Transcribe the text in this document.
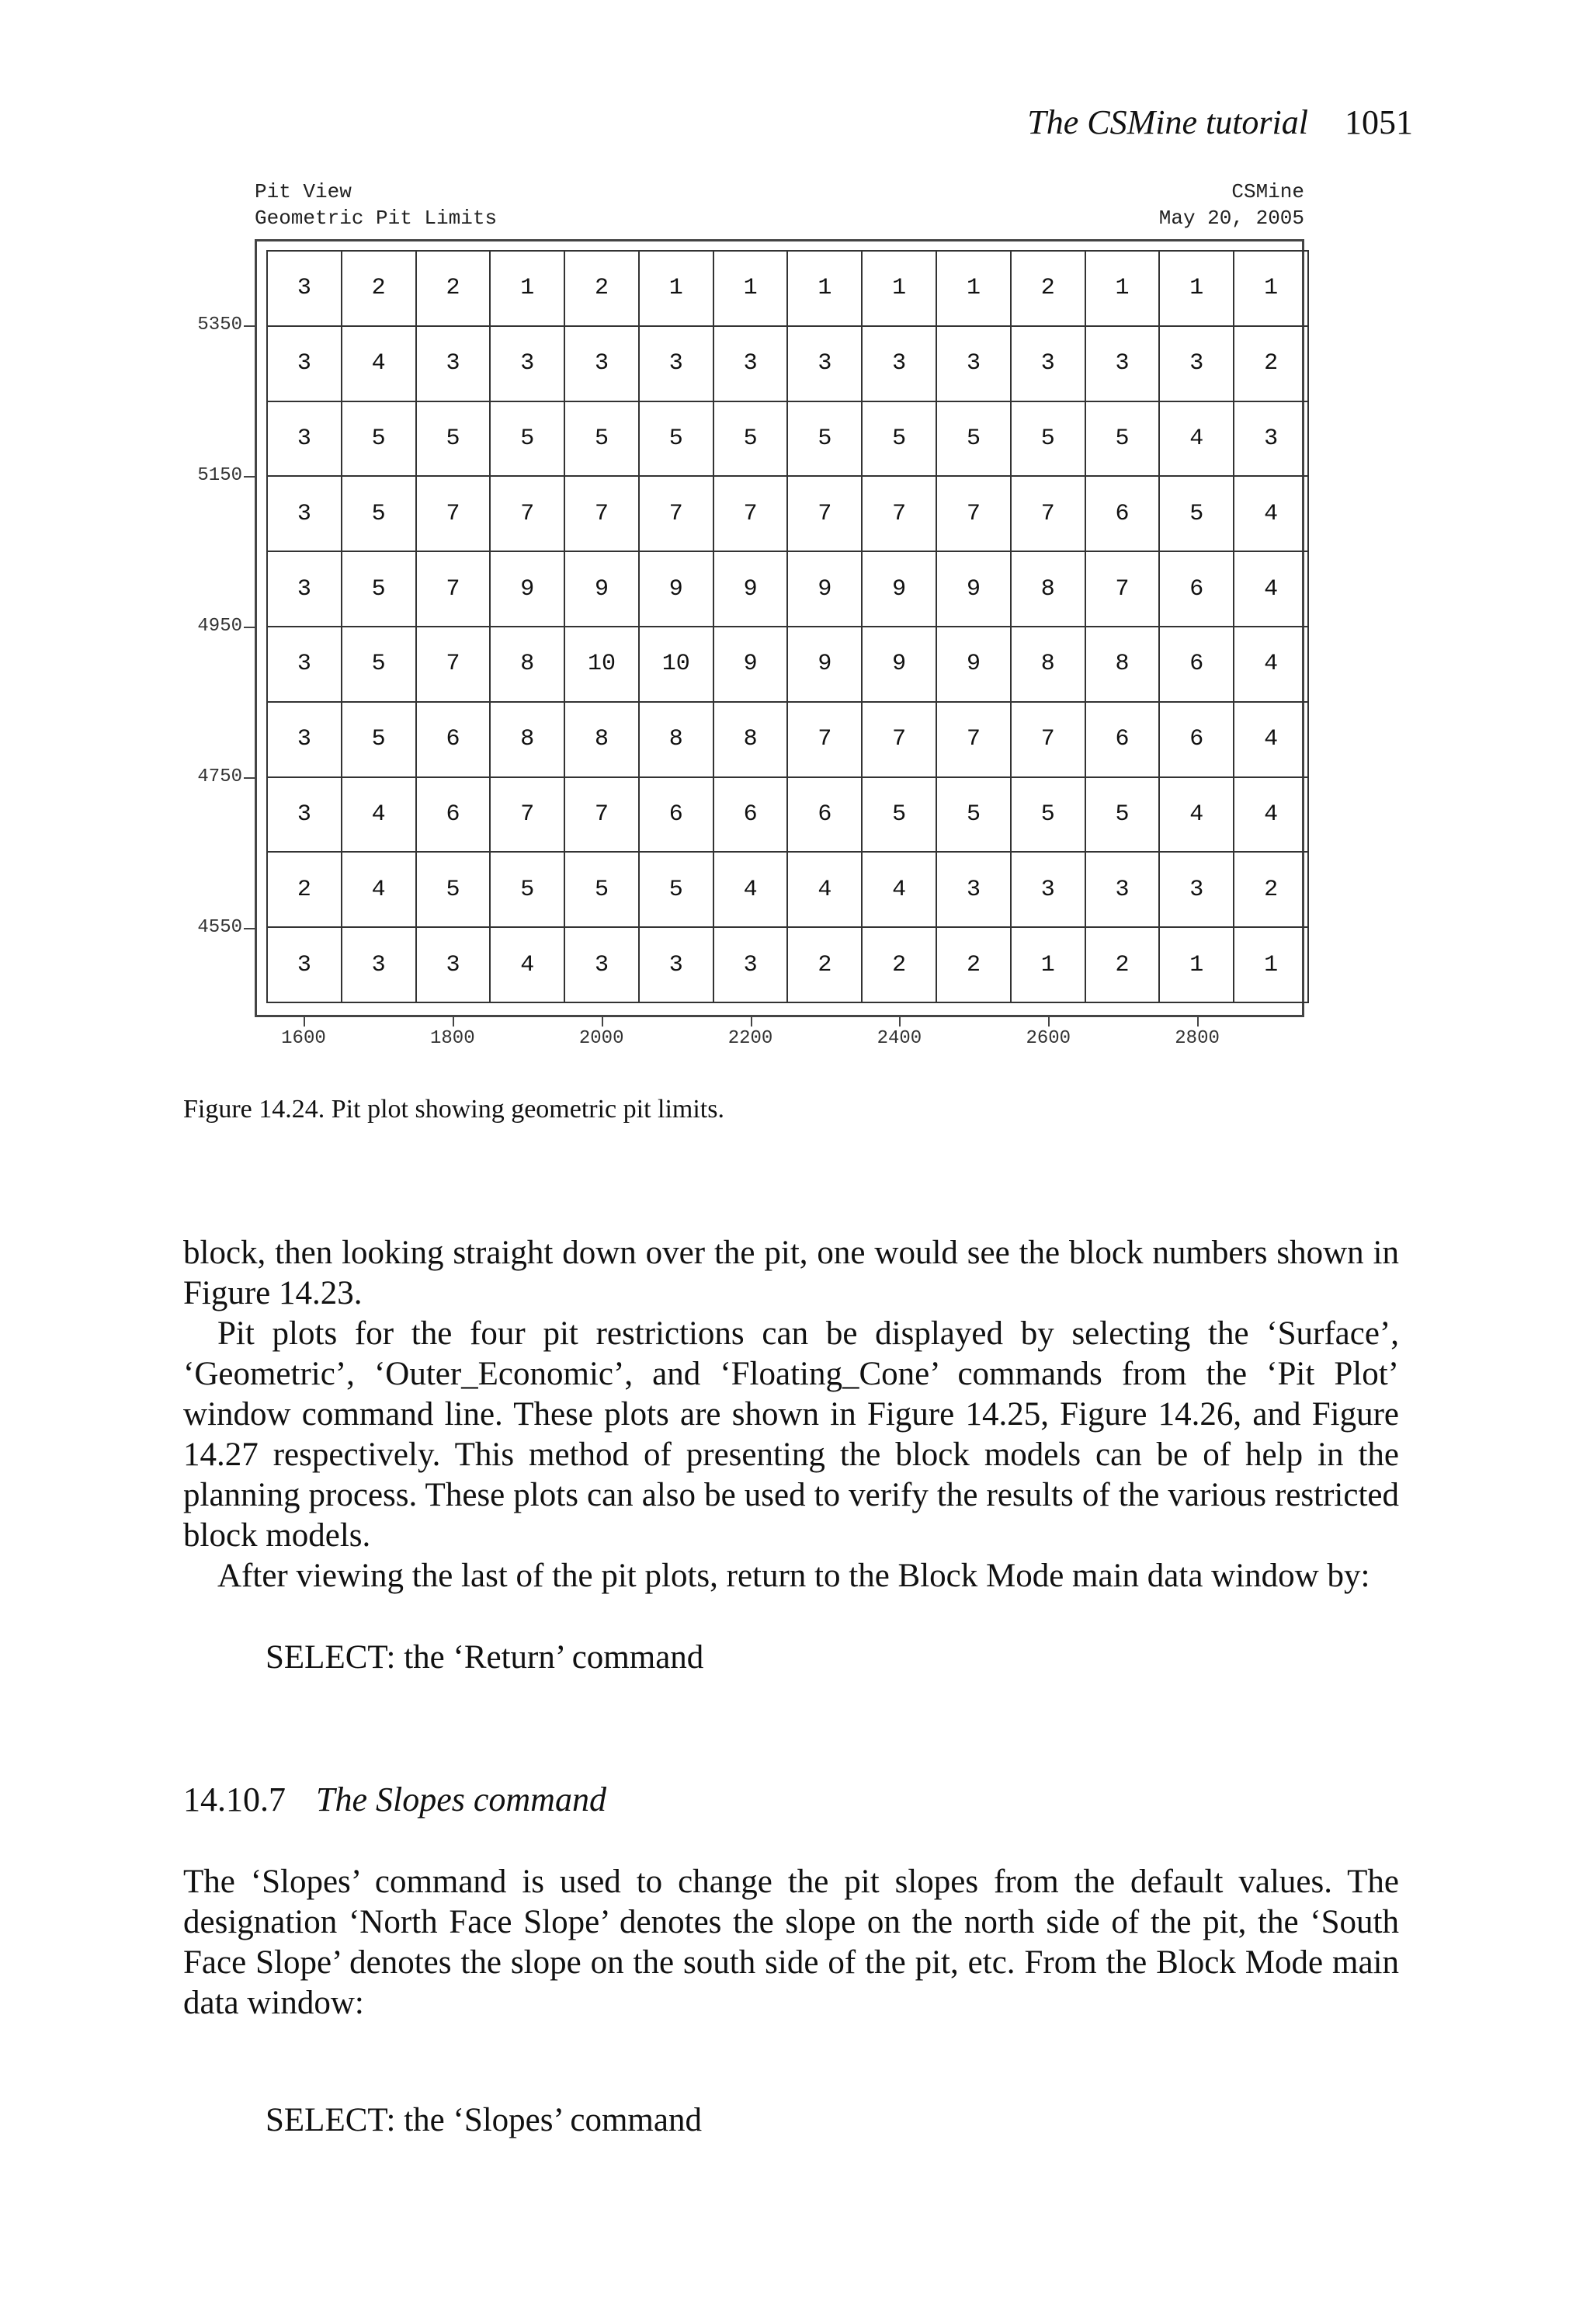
The CSMine tutorial 1051
Pit View
Geometric Pit Limits
CSMine
May 20, 2005
3	2	2	1	2	1	1	1	1	1	2	1	1	1
3	4	3	3	3	3	3	3	3	3	3	3	3	2
3	5	5	5	5	5	5	5	5	5	5	5	4	3
3	5	7	7	7	7	7	7	7	7	7	6	5	4
3	5	7	9	9	9	9	9	9	9	8	7	6	4
3	5	7	8	10	10	9	9	9	9	8	8	6	4
3	5	6	8	8	8	8	7	7	7	7	6	6	4
3	4	6	7	7	6	6	6	5	5	5	5	4	4
2	4	5	5	5	5	4	4	4	3	3	3	3	2
3	3	3	4	3	3	3	2	2	2	1	2	1	1
5350
5150
4950
4750
4550
1600	1800	2000	2200	2400	2600	2800
Figure 14.24. Pit plot showing geometric pit limits.
block, then looking straight down over the pit, one would see the block numbers shown in Figure 14.23.
Pit plots for the four pit restrictions can be displayed by selecting the ‘Surface’, ‘Geometric’, ‘Outer_Economic’, and ‘Floating_Cone’ commands from the ‘Pit Plot’ window command line. These plots are shown in Figure 14.25, Figure 14.26, and Figure 14.27 respectively. This method of presenting the block models can be of help in the planning process. These plots can also be used to verify the results of the various restricted block models.
After viewing the last of the pit plots, return to the Block Mode main data window by:
SELECT: the ‘Return’ command
14.10.7 The Slopes command
The ‘Slopes’ command is used to change the pit slopes from the default values. The designation ‘North Face Slope’ denotes the slope on the north side of the pit, the ‘South Face Slope’ denotes the slope on the south side of the pit, etc. From the Block Mode main data window:
SELECT: the ‘Slopes’ command
